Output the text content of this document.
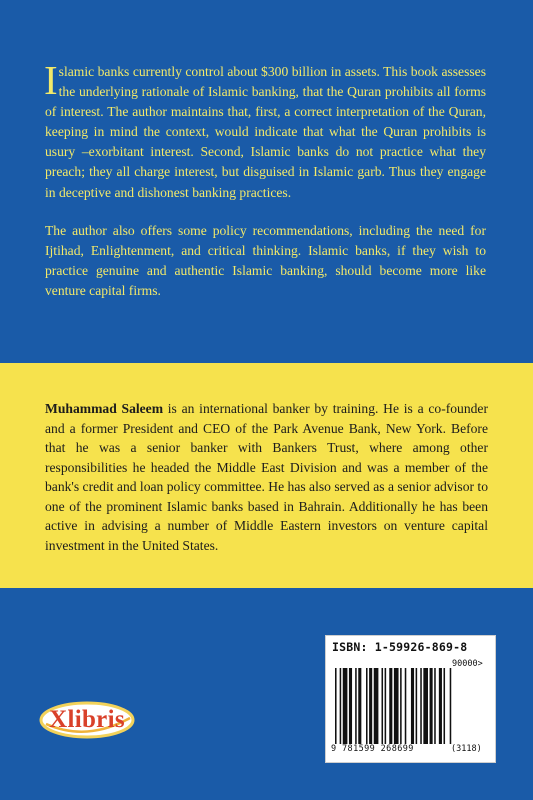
Islamic banks currently control about $300 billion in assets. This book assesses the underlying rationale of Islamic banking, that the Quran prohibits all forms of interest. The author maintains that, first, a correct interpretation of the Quran, keeping in mind the context, would indicate that what the Quran prohibits is usury –exorbitant interest. Second, Islamic banks do not practice what they preach; they all charge interest, but disguised in Islamic garb. Thus they engage in deceptive and dishonest banking practices.

The author also offers some policy recommendations, including the need for Ijtihad, Enlightenment, and critical thinking. Islamic banks, if they wish to practice genuine and authentic Islamic banking, should become more like venture capital firms.

Muhammad Saleem is an international banker by training. He is a co-founder and a former President and CEO of the Park Avenue Bank, New York. Before that he was a senior banker with Bankers Trust, where among other responsibilities he headed the Middle East Division and was a member of the bank's credit and loan policy committee. He has also served as a senior advisor to one of the prominent Islamic banks based in Bahrain. Additionally he has been active in advising a number of Middle Eastern investors on venture capital investment in the United States.

Xlibris
ISBN: 1-59926-869-8
90000>
9 781599 268699	(3118)
